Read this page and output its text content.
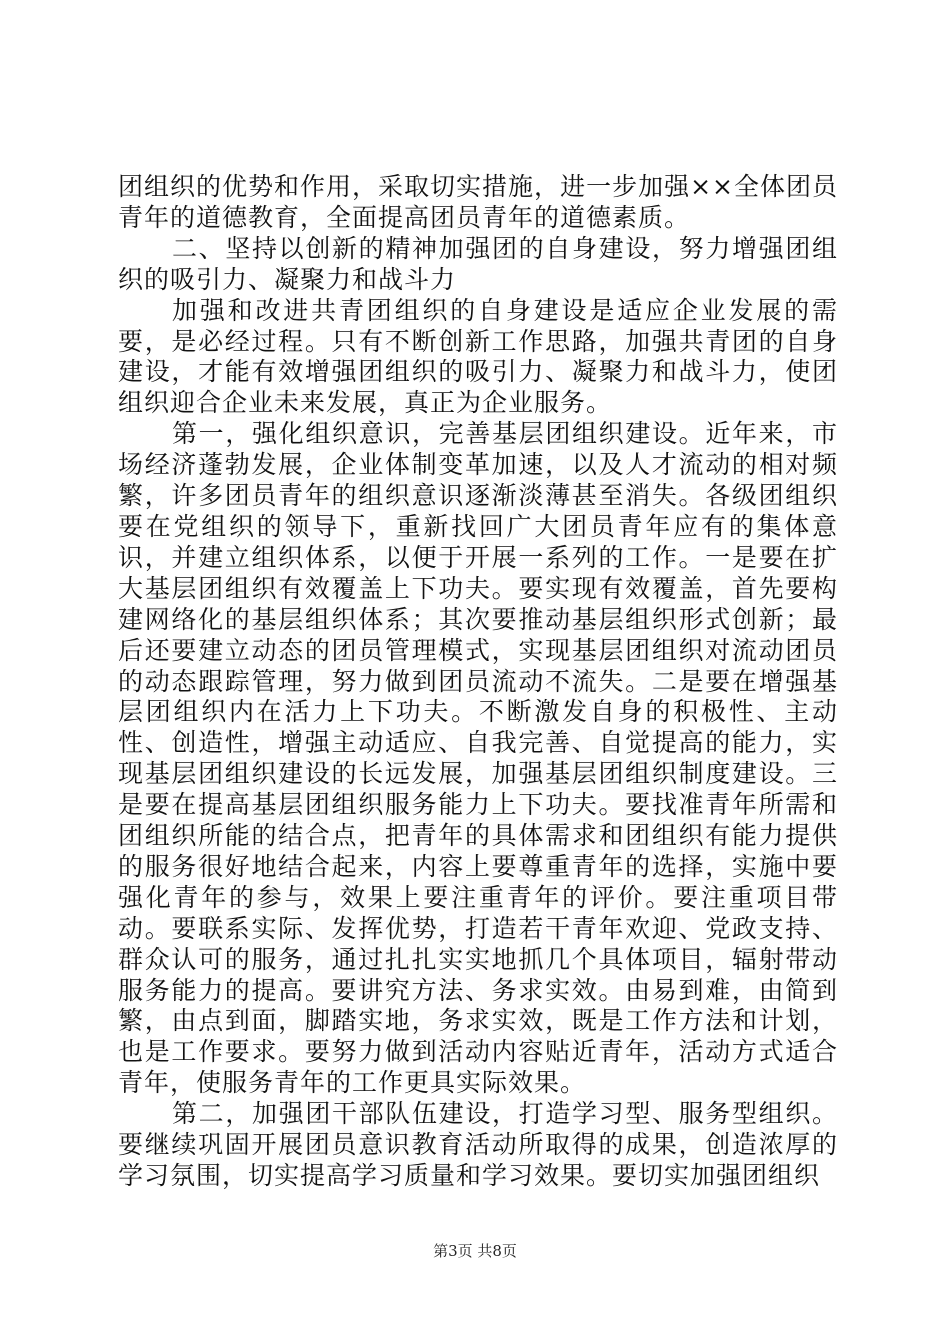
团组织的优势和作用，采取切实措施，进一步加强××全体团员青年的道德教育，全面提高团员青年的道德素质。

二、坚持以创新的精神加强团的自身建设，努力增强团组织的吸引力、凝聚力和战斗力

加强和改进共青团组织的自身建设是适应企业发展的需要，是必经过程。只有不断创新工作思路，加强共青团的自身建设，才能有效增强团组织的吸引力、凝聚力和战斗力，使团组织迎合企业未来发展，真正为企业服务。

第一，强化组织意识，完善基层团组织建设。近年来，市场经济蓬勃发展，企业体制变革加速，以及人才流动的相对频繁，许多团员青年的组织意识逐渐淡薄甚至消失。各级团组织要在党组织的领导下，重新找回广大团员青年应有的集体意识，并建立组织体系，以便于开展一系列的工作。一是要在扩大基层团组织有效覆盖上下功夫。要实现有效覆盖，首先要构建网络化的基层组织体系；其次要推动基层组织形式创新；最后还要建立动态的团员管理模式，实现基层团组织对流动团员的动态跟踪管理，努力做到团员流动不流失。二是要在增强基层团组织内在活力上下功夫。不断激发自身的积极性、主动性、创造性，增强主动适应、自我完善、自觉提高的能力，实现基层团组织建设的长远发展，加强基层团组织制度建设。三是要在提高基层团组织服务能力上下功夫。要找准青年所需和团组织所能的结合点，把青年的具体需求和团组织有能力提供的服务很好地结合起来，内容上要尊重青年的选择，实施中要强化青年的参与，效果上要注重青年的评价。要注重项目带动。要联系实际、发挥优势，打造若干青年欢迎、党政支持、群众认可的服务，通过扎扎实实地抓几个具体项目，辐射带动服务能力的提高。要讲究方法、务求实效。由易到难，由简到繁，由点到面，脚踏实地，务求实效，既是工作方法和计划，也是工作要求。要努力做到活动内容贴近青年，活动方式适合青年，使服务青年的工作更具实际效果。

第二，加强团干部队伍建设，打造学习型、服务型组织。要继续巩固开展团员意识教育活动所取得的成果，创造浓厚的学习氛围，切实提高学习质量和学习效果。要切实加强团组织

第3页 共8页
